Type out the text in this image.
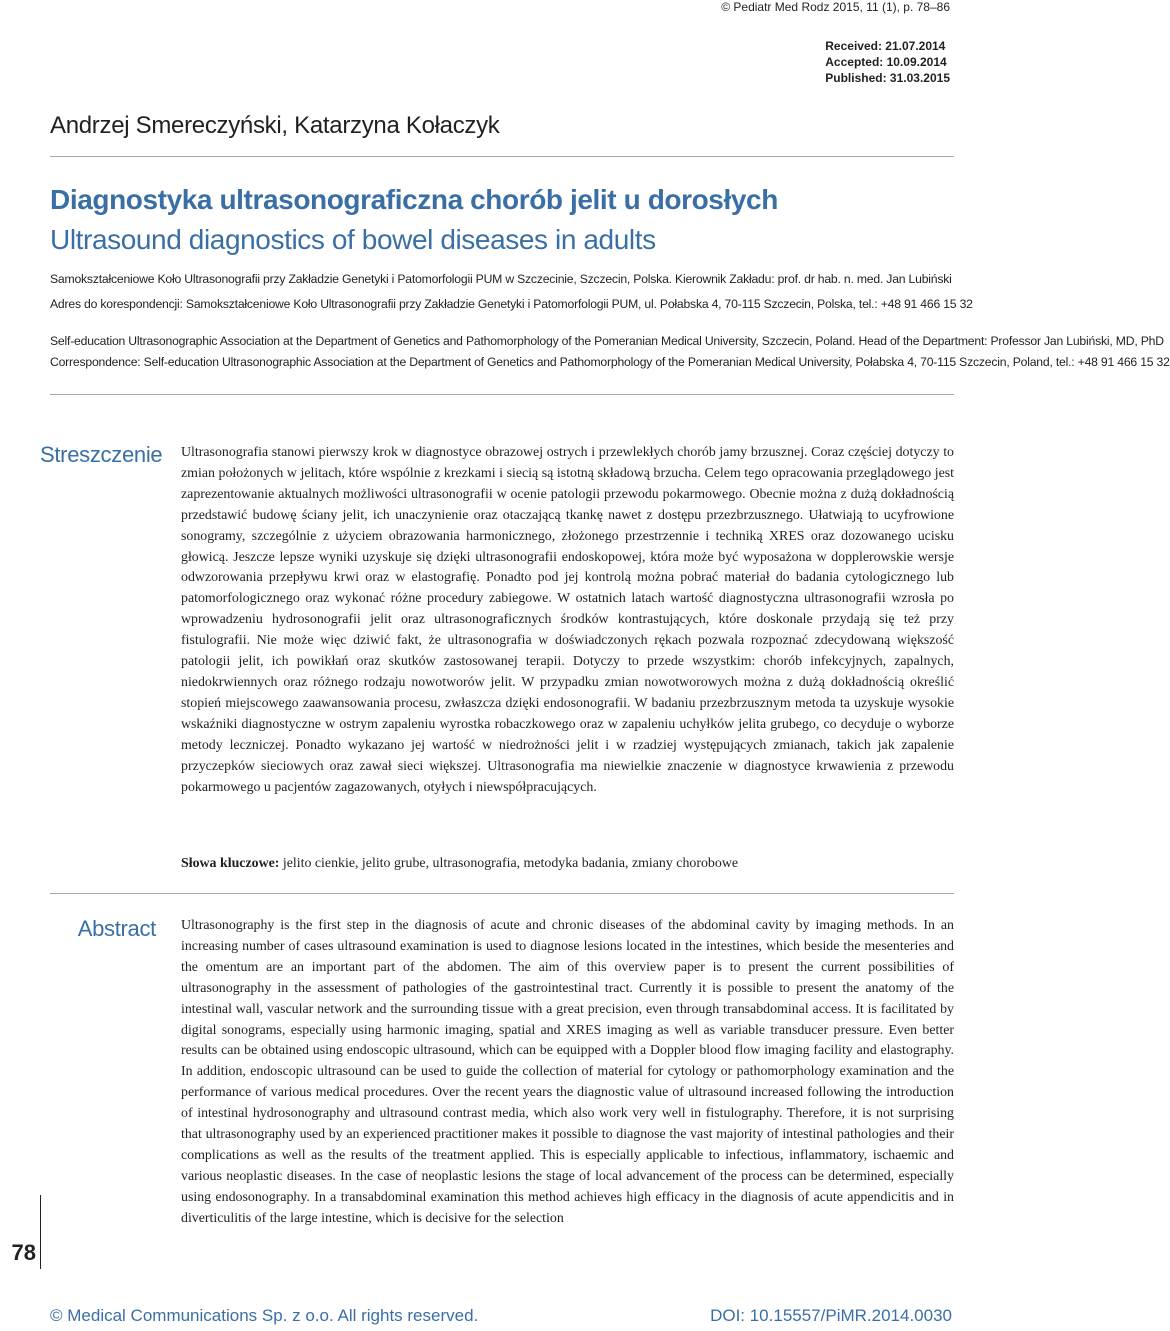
© Pediatr Med Rodz 2015, 11 (1), p. 78–86
Received: 21.07.2014
Accepted: 10.09.2014
Published: 31.03.2015
Andrzej Smereczyński, Katarzyna Kołaczyk
Diagnostyka ultrasonograficzna chorób jelit u dorosłych
Ultrasound diagnostics of bowel diseases in adults
Samokształceniowe Koło Ultrasonografii przy Zakładzie Genetyki i Patomorfologii PUM w Szczecinie, Szczecin, Polska. Kierownik Zakładu: prof. dr hab. n. med. Jan Lubiński
Adres do korespondencji: Samokształceniowe Koło Ultrasonografii przy Zakładzie Genetyki i Patomorfologii PUM, ul. Połabska 4, 70-115 Szczecin, Polska, tel.: +48 91 466 15 32
Self-education Ultrasonographic Association at the Department of Genetics and Pathomorphology of the Pomeranian Medical University, Szczecin, Poland. Head of the Department: Professor Jan Lubiński, MD, PhD
Correspondence: Self-education Ultrasonographic Association at the Department of Genetics and Pathomorphology of the Pomeranian Medical University, Połabska 4, 70-115 Szczecin, Poland, tel.: +48 91 466 15 32
Streszczenie Ultrasonografia stanowi pierwszy krok w diagnostyce obrazowej ostrych i przewlekłych chorób jamy brzusznej. Coraz częściej dotyczy to zmian położonych w jelitach, które wspólnie z krezkami i siecią są istotną składową brzucha. Celem tego opracowania przeglądowego jest zaprezentowanie aktualnych możliwości ultrasonografii w ocenie patologii przewodu pokarmowego. Obecnie można z dużą dokładnością przedstawić budowę ściany jelit, ich unaczynienie oraz otaczającą tkankę nawet z dostępu przezbrzusznego. Ułatwiają to ucyfrowione sonogramy, szczególnie z użyciem obrazowania harmonicznego, złożonego przestrzennie i techniką XRES oraz dozowanego ucisku głowicą. Jeszcze lepsze wyniki uzyskuje się dzięki ultrasonografii endoskopowej, która może być wyposażona w dopplerowskie wersje odwzorowania przepływu krwi oraz w elastografię. Ponadto pod jej kontrolą można pobrać materiał do badania cytologicznego lub patomorfologicznego oraz wykonać różne procedury zabiegowe. W ostatnich latach wartość diagnostyczna ultrasonografii wzrosła po wprowadzeniu hydrosonografii jelit oraz ultrasonograficznych środków kontrastujących, które doskonale przydają się też przy fistulografii. Nie może więc dziwić fakt, że ultrasonografia w doświadczonych rękach pozwala rozpoznać zdecydowaną większość patologii jelit, ich powikłań oraz skutków zastosowanej terapii. Dotyczy to przede wszystkim: chorób infekcyjnych, zapalnych, niedokrwiennych oraz różnego rodzaju nowotworów jelit. W przypadku zmian nowotworowych można z dużą dokładnością określić stopień miejscowego zaawansowania procesu, zwłaszcza dzięki endosonografii. W badaniu przezbrzusznym metoda ta uzyskuje wysokie wskaźniki diagnostyczne w ostrym zapaleniu wyrostka robaczkowego oraz w zapaleniu uchyłków jelita grubego, co decyduje o wyborze metody leczniczej. Ponadto wykazano jej wartość w niedrożności jelit i w rzadziej występujących zmianach, takich jak zapalenie przyczepków sieciowych oraz zawał sieci większej. Ultrasonografia ma niewielkie znaczenie w diagnostyce krwawienia z przewodu pokarmowego u pacjentów zagazowanych, otyłych i niewspółpracujących.
Słowa kluczowe: jelito cienkie, jelito grube, ultrasonografia, metodyka badania, zmiany chorobowe
Abstract Ultrasonography is the first step in the diagnosis of acute and chronic diseases of the abdominal cavity by imaging methods. In an increasing number of cases ultrasound examination is used to diagnose lesions located in the intestines, which beside the mesenteries and the omentum are an important part of the abdomen. The aim of this overview paper is to present the current possibilities of ultrasonography in the assessment of pathologies of the gastrointestinal tract. Currently it is possible to present the anatomy of the intestinal wall, vascular network and the surrounding tissue with a great precision, even through transabdominal access. It is facilitated by digital sonograms, especially using harmonic imaging, spatial and XRES imaging as well as variable transducer pressure. Even better results can be obtained using endoscopic ultrasound, which can be equipped with a Doppler blood flow imaging facility and elastography. In addition, endoscopic ultrasound can be used to guide the collection of material for cytology or pathomorphology examination and the performance of various medical procedures. Over the recent years the diagnostic value of ultrasound increased following the introduction of intestinal hydrosonography and ultrasound contrast media, which also work very well in fistulography. Therefore, it is not surprising that ultrasonography used by an experienced practitioner makes it possible to diagnose the vast majority of intestinal pathologies and their complications as well as the results of the treatment applied. This is especially applicable to infectious, inflammatory, ischaemic and various neoplastic diseases. In the case of neoplastic lesions the stage of local advancement of the process can be determined, especially using endosonography. In a transabdominal examination this method achieves high efficacy in the diagnosis of acute appendicitis and in diverticulitis of the large intestine, which is decisive for the selection
78
© Medical Communications Sp. z o.o. All rights reserved.	DOI: 10.15557/PiMR.2014.0030
